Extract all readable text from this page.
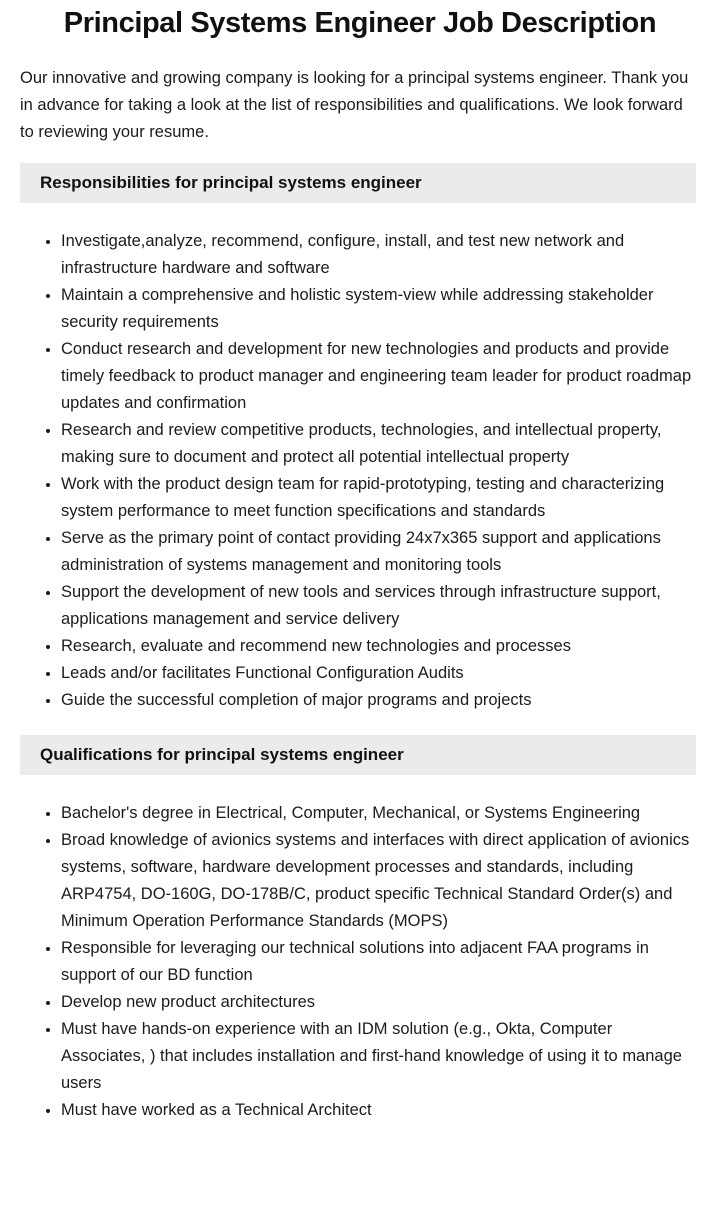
Principal Systems Engineer Job Description

Our innovative and growing company is looking for a principal systems engineer. Thank you in advance for taking a look at the list of responsibilities and qualifications. We look forward to reviewing your resume.

Responsibilities for principal systems engineer
• Investigate,analyze, recommend, configure, install, and test new network and infrastructure hardware and software
• Maintain a comprehensive and holistic system-view while addressing stakeholder security requirements
• Conduct research and development for new technologies and products and provide timely feedback to product manager and engineering team leader for product roadmap updates and confirmation
• Research and review competitive products, technologies, and intellectual property, making sure to document and protect all potential intellectual property
• Work with the product design team for rapid-prototyping, testing and characterizing system performance to meet function specifications and standards
• Serve as the primary point of contact providing 24x7x365 support and applications administration of systems management and monitoring tools
• Support the development of new tools and services through infrastructure support, applications management and service delivery
• Research, evaluate and recommend new technologies and processes
• Leads and/or facilitates Functional Configuration Audits
• Guide the successful completion of major programs and projects
Qualifications for principal systems engineer
• Bachelor's degree in Electrical, Computer, Mechanical, or Systems Engineering
• Broad knowledge of avionics systems and interfaces with direct application of avionics systems, software, hardware development processes and standards, including ARP4754, DO-160G, DO-178B/C, product specific Technical Standard Order(s) and Minimum Operation Performance Standards (MOPS)
• Responsible for leveraging our technical solutions into adjacent FAA programs in support of our BD function
• Develop new product architectures
• Must have hands-on experience with an IDM solution (e.g., Okta, Computer Associates, ) that includes installation and first-hand knowledge of using it to manage users
• Must have worked as a Technical Architect
